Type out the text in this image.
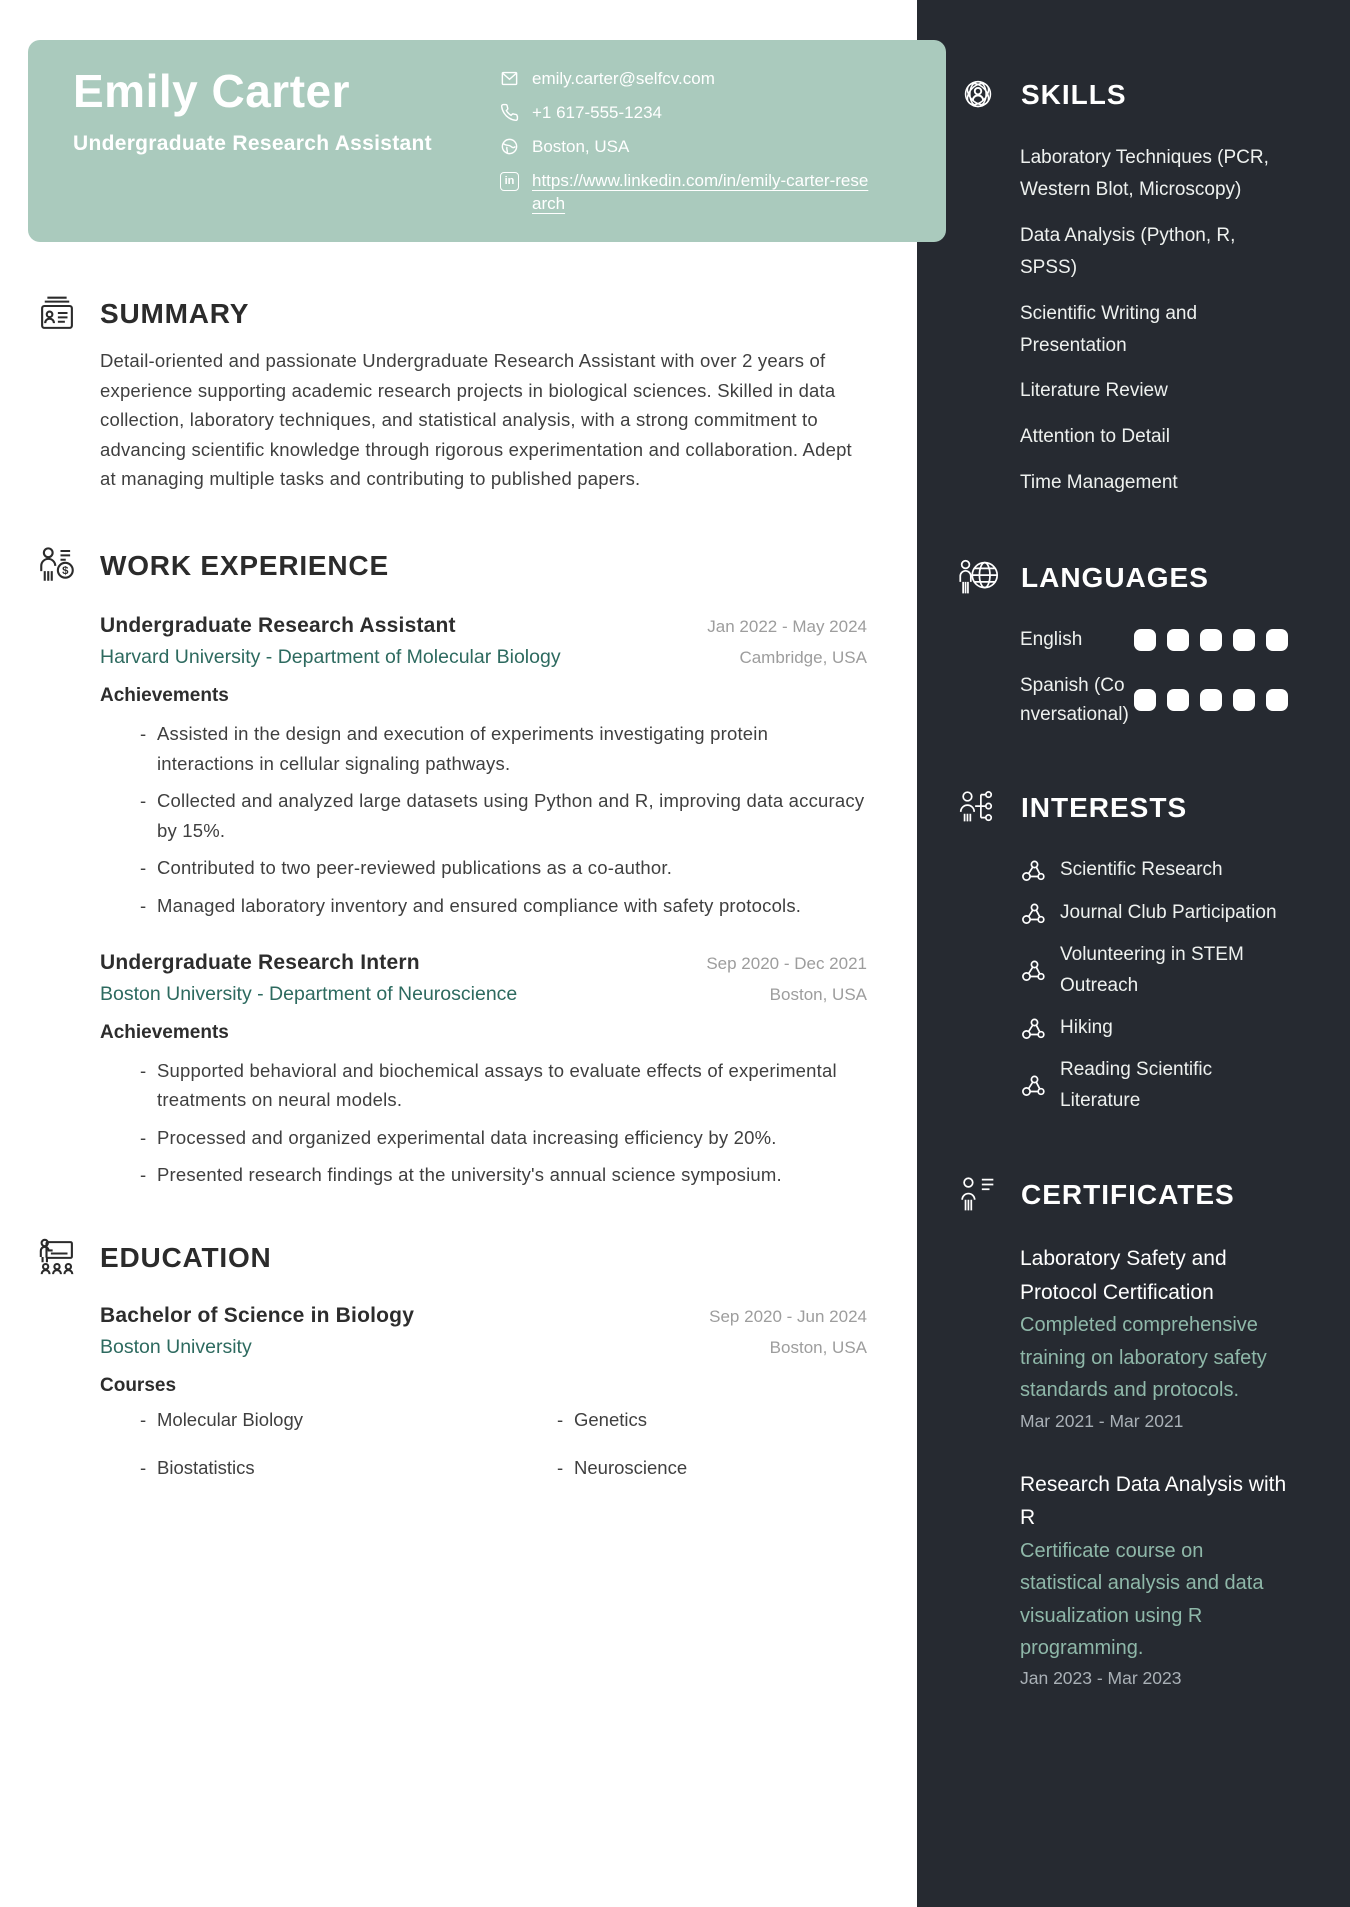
SKILLS
Laboratory Techniques (PCR, Western Blot, Microscopy)
Data Analysis (Python, R, SPSS)
Scientific Writing and Presentation
Literature Review
Attention to Detail
Time Management
LANGUAGES
English
Spanish (Conversational)
INTERESTS
Scientific Research
Journal Club Participation
Volunteering in STEM Outreach
Hiking
Reading Scientific Literature
CERTIFICATES
Laboratory Safety and Protocol Certification
Completed comprehensive training on laboratory safety standards and protocols.
Mar 2021 - Mar 2021
Research Data Analysis with R
Certificate course on statistical analysis and data visualization using R programming.
Jan 2023 - Mar 2023
Emily Carter
Undergraduate Research Assistant
emily.carter@selfcv.com
+1 617-555-1234
Boston, USA
in https://www.linkedin.com/in/emily-carter-research
SUMMARY

Detail-oriented and passionate Undergraduate Research Assistant with over 2 years of experience supporting academic research projects in biological sciences. Skilled in data collection, laboratory techniques, and statistical analysis, with a strong commitment to advancing scientific knowledge through rigorous experimentation and collaboration. Adept at managing multiple tasks and contributing to published papers.

$ WORK EXPERIENCE
Undergraduate Research Assistant	Jan 2022 - May 2024
Harvard University - Department of Molecular Biology	Cambridge, USA
Achievements
- Assisted in the design and execution of experiments investigating protein interactions in cellular signaling pathways.
- Collected and analyzed large datasets using Python and R, improving data accuracy by 15%.
- Contributed to two peer-reviewed publications as a co-author.
- Managed laboratory inventory and ensured compliance with safety protocols.
Undergraduate Research Intern	Sep 2020 - Dec 2021
Boston University - Department of Neuroscience	Boston, USA
Achievements
- Supported behavioral and biochemical assays to evaluate effects of experimental treatments on neural models.
- Processed and organized experimental data increasing efficiency by 20%.
- Presented research findings at the university's annual science symposium.
EDUCATION
Bachelor of Science in Biology	Sep 2020 - Jun 2024
Boston University	Boston, USA
Courses
- Molecular Biology	- Genetics
- Biostatistics	- Neuroscience
